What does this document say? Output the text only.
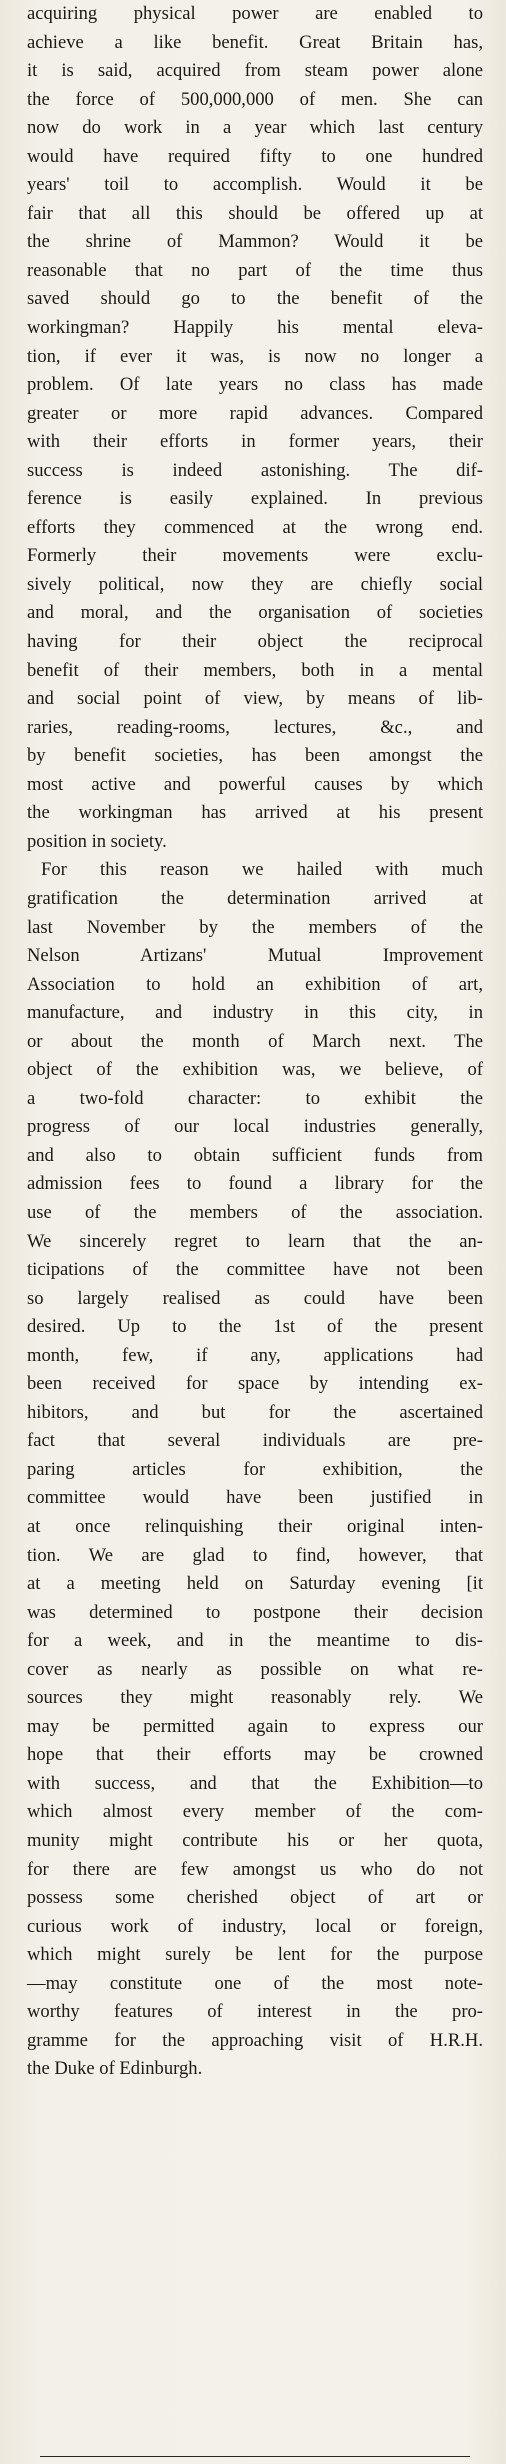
acquiring physical power are enabled to
achieve a like benefit. Great Britain has,
it is said, acquired from steam power alone
the force of 500,000,000 of men. She can
now do work in a year which last century
would have required fifty to one hundred
years' toil to accomplish. Would it be
fair that all this should be offered up at
the shrine of Mammon? Would it be
reasonable that no part of the time thus
saved should go to the benefit of the
workingman? Happily his mental eleva-
tion, if ever it was, is now no longer a
problem. Of late years no class has made
greater or more rapid advances. Compared
with their efforts in former years, their
success is indeed astonishing. The dif-
ference is easily explained. In previous
efforts they commenced at the wrong end.
Formerly their movements were exclu-
sively political, now they are chiefly social
and moral, and the organisation of societies
having for their object the reciprocal
benefit of their members, both in a mental
and social point of view, by means of lib-
raries, reading-rooms, lectures, &c., and
by benefit societies, has been amongst the
most active and powerful causes by which
the workingman has arrived at his present
position in society.
For this reason we hailed with much
gratification the determination arrived at
last November by the members of the
Nelson Artizans' Mutual Improvement
Association to hold an exhibition of art,
manufacture, and industry in this city, in
or about the month of March next. The
object of the exhibition was, we believe, of
a two-fold character: to exhibit the
progress of our local industries generally,
and also to obtain sufficient funds from
admission fees to found a library for the
use of the members of the association.
We sincerely regret to learn that the an-
ticipations of the committee have not been
so largely realised as could have been
desired. Up to the 1st of the present
month, few, if any, applications had
been received for space by intending ex-
hibitors, and but for the ascertained
fact that several individuals are pre-
paring articles for exhibition, the
committee would have been justified in
at once relinquishing their original inten-
tion. We are glad to find, however, that
at a meeting held on Saturday evening [it
was determined to postpone their decision
for a week, and in the meantime to dis-
cover as nearly as possible on what re-
sources they might reasonably rely. We
may be permitted again to express our
hope that their efforts may be crowned
with success, and that the Exhibition—to
which almost every member of the com-
munity might contribute his or her quota,
for there are few amongst us who do not
possess some cherished object of art or
curious work of industry, local or foreign,
which might surely be lent for the purpose
—may constitute one of the most note-
worthy features of interest in the pro-
gramme for the approaching visit of H.R.H.
the Duke of Edinburgh.
